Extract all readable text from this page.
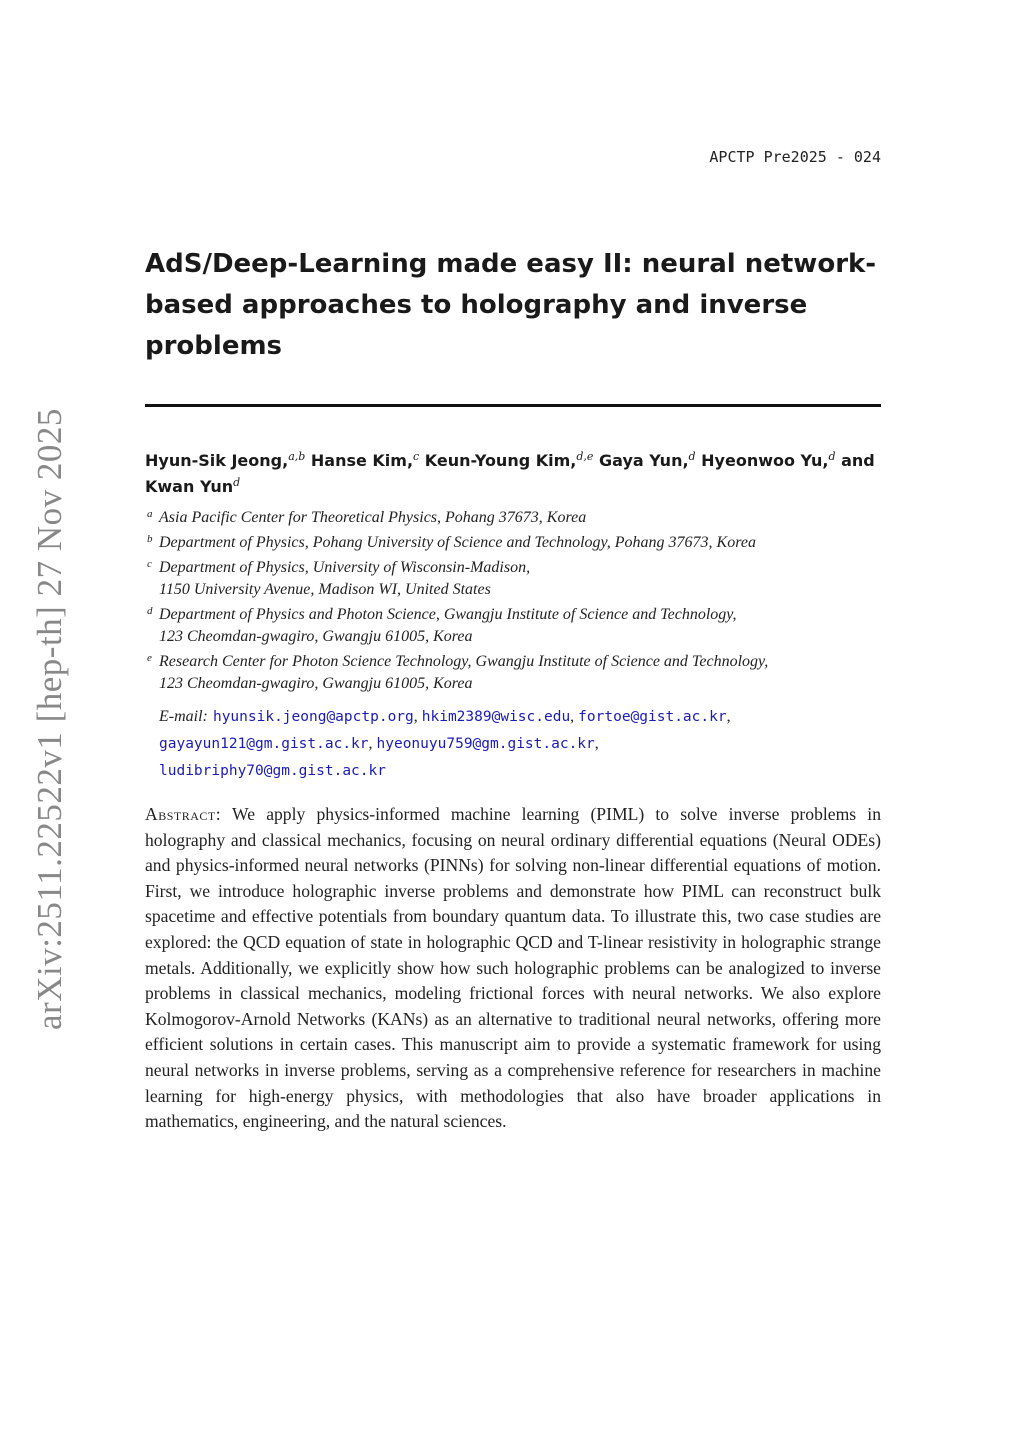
APCTP Pre2025 - 024
arXiv:2511.22522v1 [hep-th] 27 Nov 2025
AdS/Deep-Learning made easy II: neural network-based approaches to holography and inverse problems
Hyun-Sik Jeong,$^{a,b}$ Hanse Kim,$^c$ Keun-Young Kim,$^{d,e}$ Gaya Yun,$^d$ Hyeonwoo Yu,$^d$ and
Kwan Yun$^d$
a Asia Pacific Center for Theoretical Physics, Pohang 37673, Korea
b Department of Physics, Pohang University of Science and Technology, Pohang 37673, Korea
c Department of Physics, University of Wisconsin-Madison,
1150 University Avenue, Madison WI, United States
d Department of Physics and Photon Science, Gwangju Institute of Science and Technology,
123 Cheomdan-gwagiro, Gwangju 61005, Korea
e Research Center for Photon Science Technology, Gwangju Institute of Science and Technology,
123 Cheomdan-gwagiro, Gwangju 61005, Korea
E-mail: hyunsik.jeong@apctp.org, hkim2389@wisc.edu, fortoe@gist.ac.kr,
gayayun121@gm.gist.ac.kr, hyeonuyu759@gm.gist.ac.kr,
ludibriphy70@gm.gist.ac.kr

Abstract: We apply physics-informed machine learning (PIML) to solve inverse problems in holography and classical mechanics, focusing on neural ordinary differential equations (Neural ODEs) and physics-informed neural networks (PINNs) for solving non-linear differential equations of motion. First, we introduce holographic inverse problems and demonstrate how PIML can reconstruct bulk spacetime and effective potentials from boundary quantum data. To illustrate this, two case studies are explored: the QCD equation of state in holographic QCD and T-linear resistivity in holographic strange metals. Additionally, we explicitly show how such holographic problems can be analogized to inverse problems in classical mechanics, modeling frictional forces with neural networks. We also explore Kolmogorov-Arnold Networks (KANs) as an alternative to traditional neural networks, offering more efficient solutions in certain cases. This manuscript aim to provide a systematic framework for using neural networks in inverse problems, serving as a comprehensive reference for researchers in machine learning for high-energy physics, with methodologies that also have broader applications in mathematics, engineering, and the natural sciences.
